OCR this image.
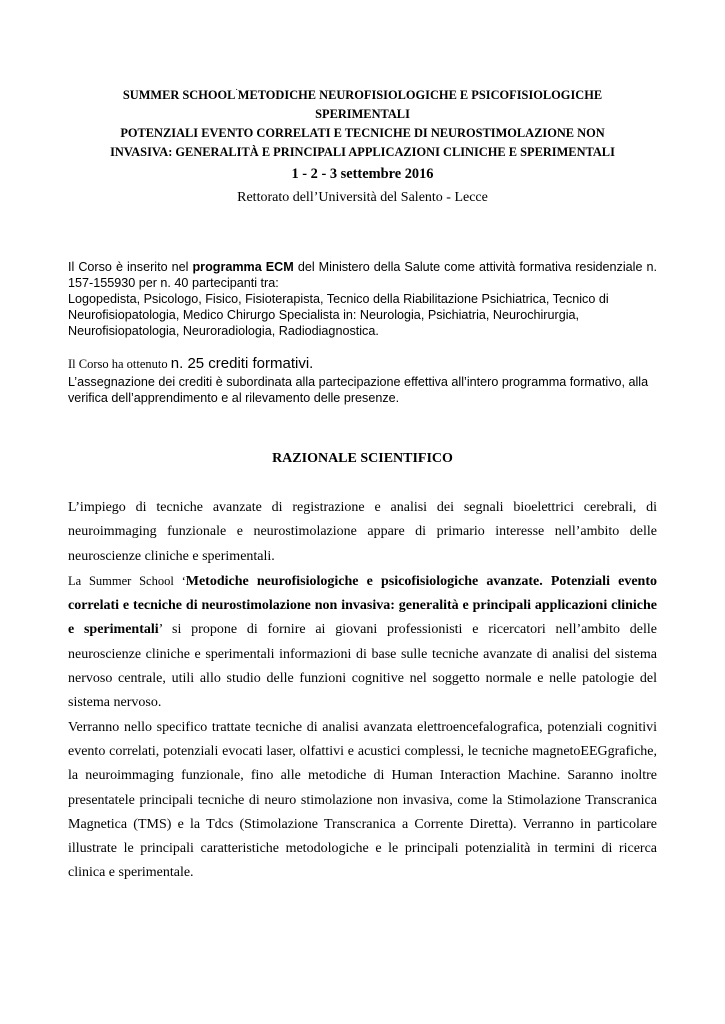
SUMMER SCHOOL˙METODICHE NEUROFISIOLOGICHE E PSICOFISIOLOGICHE
SPERIMENTALI
POTENZIALI EVENTO CORRELATI E TECNICHE DI NEUROSTIMOLAZIONE NON
INVASIVA: GENERALITÀ E PRINCIPALI APPLICAZIONI CLINICHE E SPERIMENTALI
1 - 2 - 3 settembre 2016
Rettorato dell’Università del Salento - Lecce

Il Corso è inserito nel programma ECM del Ministero della Salute come attività formativa residenziale n. 157-155930 per n. 40 partecipanti tra:

Logopedista, Psicologo, Fisico, Fisioterapista, Tecnico della Riabilitazione Psichiatrica, Tecnico di Neurofisiopatologia, Medico Chirurgo Specialista in: Neurologia, Psichiatria, Neurochirurgia, Neurofisiopatologia, Neuroradiologia, Radiodiagnostica.

Il Corso ha ottenuto n. 25 crediti formativi.

L’assegnazione dei crediti è subordinata alla partecipazione effettiva all’intero programma formativo, alla verifica dell’apprendimento e al rilevamento delle presenze.

RAZIONALE SCIENTIFICO

L’impiego di tecniche avanzate di registrazione e analisi dei segnali bioelettrici cerebrali, di neuroimmaging funzionale e neurostimolazione appare di primario interesse nell’ambito delle neuroscienze cliniche e sperimentali.

La Summer School ‘Metodiche neurofisiologiche e psicofisiologiche avanzate. Potenziali evento correlati e tecniche di neurostimolazione non invasiva: generalità e principali applicazioni cliniche e sperimentali’ si propone di fornire ai giovani professionisti e ricercatori nell’ambito delle neuroscienze cliniche e sperimentali informazioni di base sulle tecniche avanzate di analisi del sistema nervoso centrale, utili allo studio delle funzioni cognitive nel soggetto normale e nelle patologie del sistema nervoso.

Verranno nello specifico trattate tecniche di analisi avanzata elettroencefalografica, potenziali cognitivi evento correlati, potenziali evocati laser, olfattivi e acustici complessi, le tecniche magnetoEEGgrafiche, la neuroimmaging funzionale, fino alle metodiche di Human Interaction Machine. Saranno inoltre presentatele principali tecniche di neuro stimolazione non invasiva, come la Stimolazione Transcranica Magnetica (TMS) e la Tdcs (Stimolazione Transcranica a Corrente Diretta). Verranno in particolare illustrate le principali caratteristiche metodologiche e le principali potenzialità in termini di ricerca clinica e sperimentale.
